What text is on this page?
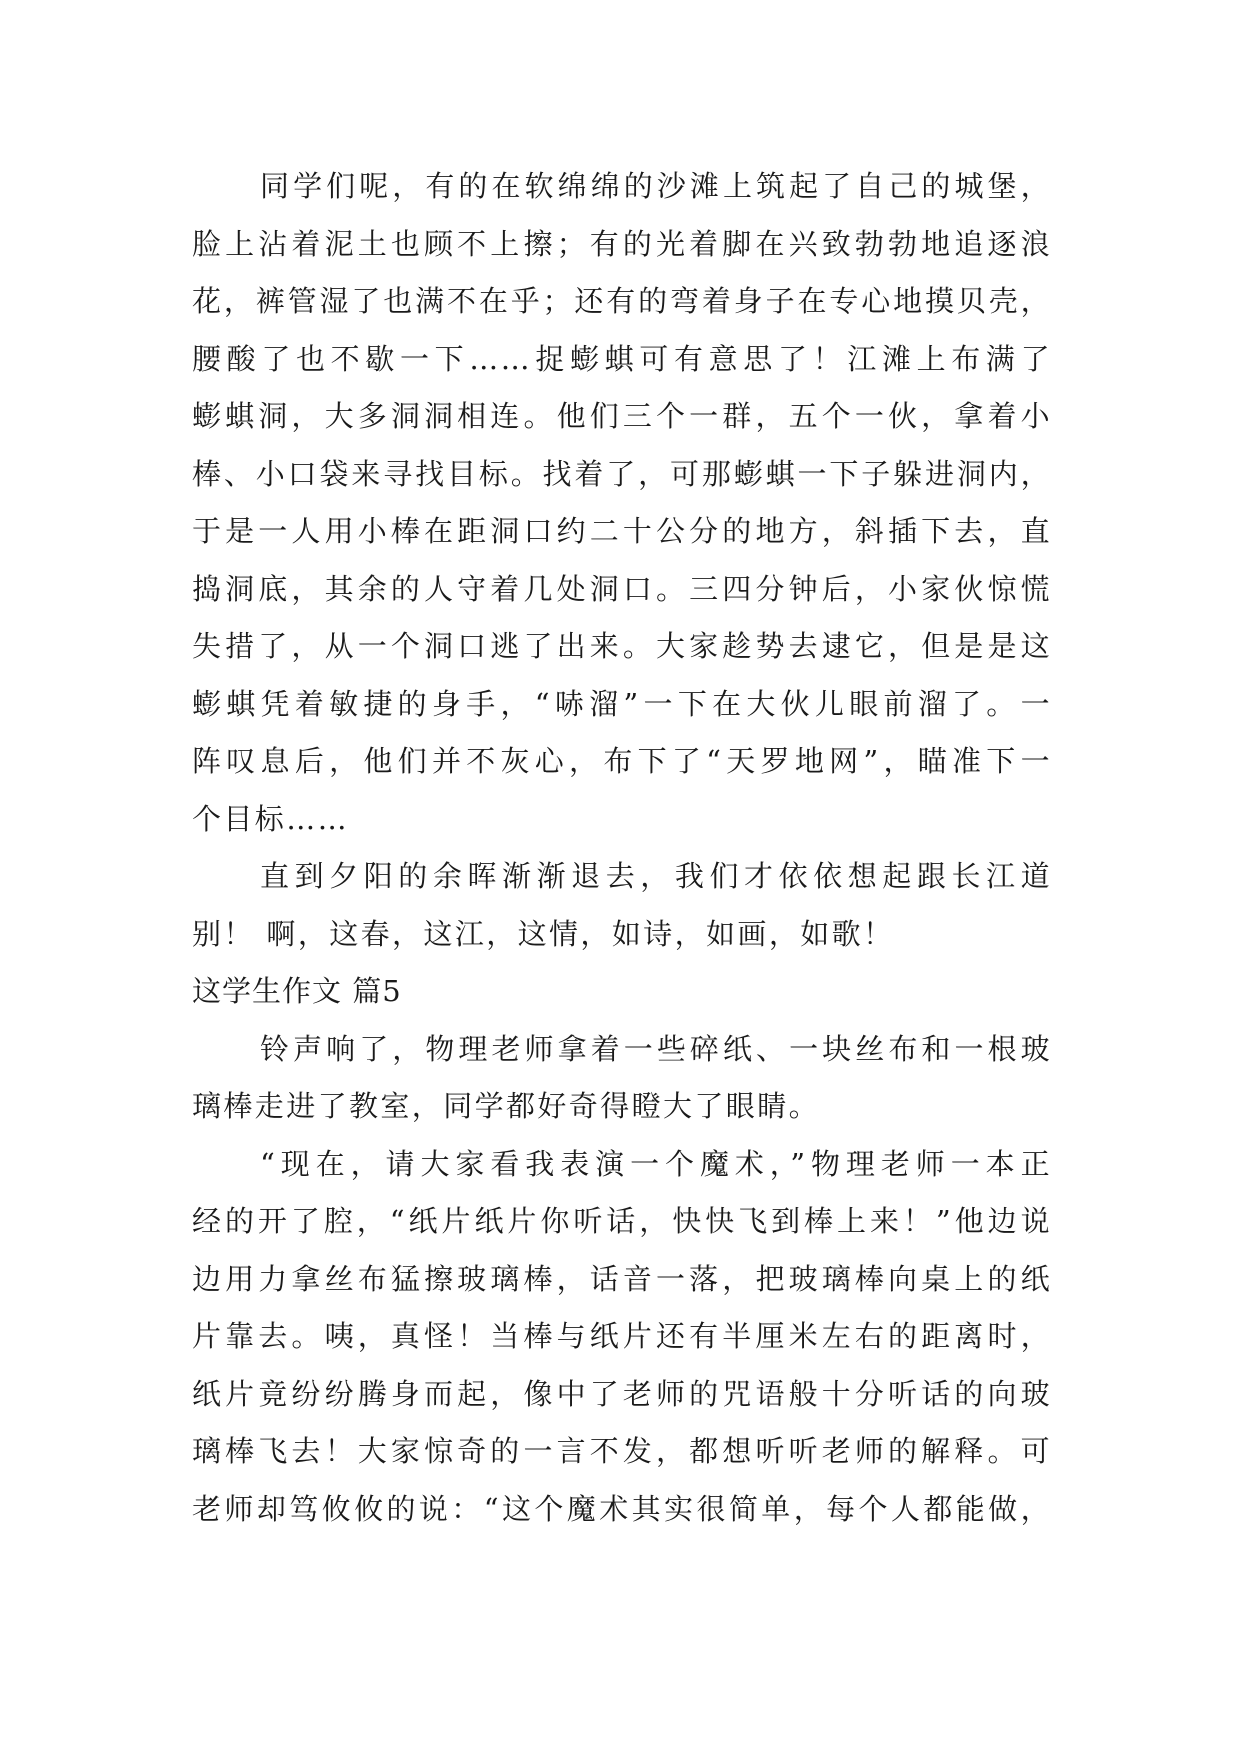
同学们呢，有的在软绵绵的沙滩上筑起了自己的城堡，
脸上沾着泥土也顾不上擦；有的光着脚在兴致勃勃地追逐浪
花，裤管湿了也满不在乎；还有的弯着身子在专心地摸贝壳，
腰酸了也不歇一下……捉蟛蜞可有意思了！江滩上布满了
蟛蜞洞，大多洞洞相连。他们三个一群，五个一伙，拿着小
棒、小口袋来寻找目标。找着了，可那蟛蜞一下子躲进洞内，
于是一人用小棒在距洞口约二十公分的地方，斜插下去，直
捣洞底，其余的人守着几处洞口。三四分钟后，小家伙惊慌
失措了，从一个洞口逃了出来。大家趁势去逮它，但是是这
蟛蜞凭着敏捷的身手，“哧溜”一下在大伙儿眼前溜了。一
阵叹息后，他们并不灰心，布下了“天罗地网”，瞄准下一
个目标……
直到夕阳的余晖渐渐退去，我们才依依想起跟长江道
别！ 啊，这春，这江，这情，如诗，如画，如歌！
这学生作文 篇5
铃声响了，物理老师拿着一些碎纸、一块丝布和一根玻
璃棒走进了教室，同学都好奇得瞪大了眼睛。
“现在，请大家看我表演一个魔术，”物理老师一本正
经的开了腔，“纸片纸片你听话，快快飞到棒上来！”他边说
边用力拿丝布猛擦玻璃棒，话音一落，把玻璃棒向桌上的纸
片靠去。咦，真怪！当棒与纸片还有半厘米左右的距离时，
纸片竟纷纷腾身而起，像中了老师的咒语般十分听话的向玻
璃棒飞去！大家惊奇的一言不发，都想听听老师的解释。可
老师却笃攸攸的说：“这个魔术其实很简单，每个人都能做，
